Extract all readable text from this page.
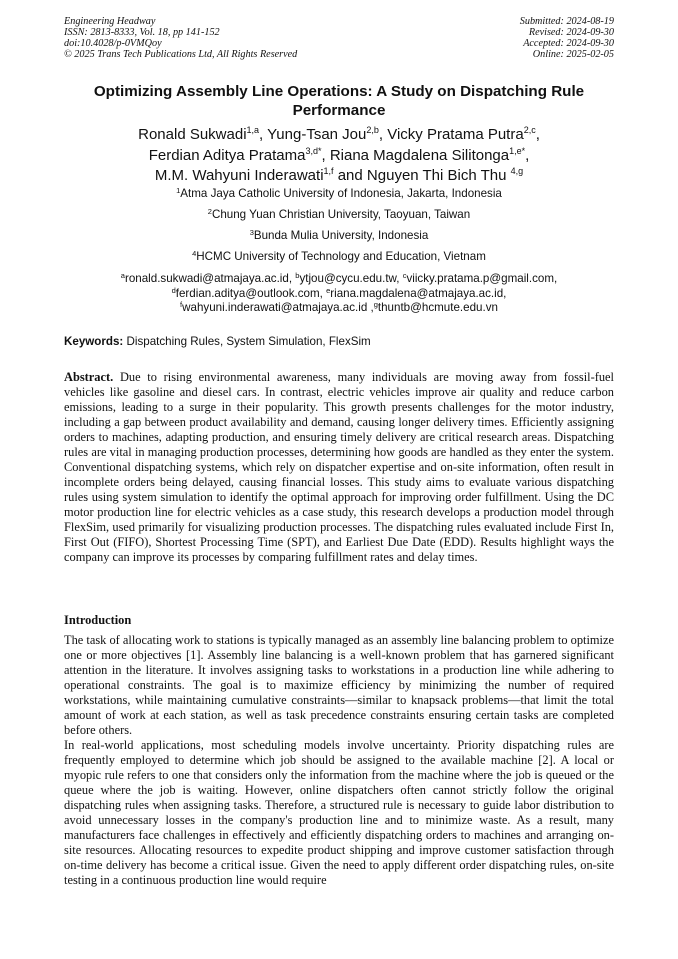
Engineering Headway
ISSN: 2813-8333, Vol. 18, pp 141-152
doi:10.4028/p-0VMQoy
© 2025 Trans Tech Publications Ltd, All Rights Reserved
Submitted: 2024-08-19
Revised: 2024-09-30
Accepted: 2024-09-30
Online: 2025-02-05
Optimizing Assembly Line Operations: A Study on Dispatching Rule Performance
Ronald Sukwadi$^{1,a}$, Yung-Tsan Jou$^{2,b}$, Vicky Pratama Putra$^{2,c}$,
Ferdian Aditya Pratama$^{3,d*}$, Riana Magdalena Silitonga$^{1,e*}$,
M.M. Wahyuni Inderawati$^{1,f}$ and Nguyen Thi Bich Thu $^{4,g}$
$^1$Atma Jaya Catholic University of Indonesia, Jakarta, Indonesia
$^2$Chung Yuan Christian University, Taoyuan, Taiwan
$^3$Bunda Mulia University, Indonesia
$^4$HCMC University of Technology and Education, Vietnam
$^a$ronald.sukwadi@atmajaya.ac.id, $^b$ytjou@cycu.edu.tw, $^c$viicky.pratama.p@gmail.com,
$^d$ferdian.aditya@outlook.com, $^e$riana.magdalena@atmajaya.ac.id,
$^f$wahyuni.inderawati@atmajaya.ac.id ,$^g$thuntb@hcmute.edu.vn
Keywords: Dispatching Rules, System Simulation, FlexSim
Abstract. Due to rising environmental awareness, many individuals are moving away from fossil-fuel vehicles like gasoline and diesel cars. In contrast, electric vehicles improve air quality and reduce carbon emissions, leading to a surge in their popularity. This growth presents challenges for the motor industry, including a gap between product availability and demand, causing longer delivery times. Efficiently assigning orders to machines, adapting production, and ensuring timely delivery are critical research areas. Dispatching rules are vital in managing production processes, determining how goods are handled as they enter the system. Conventional dispatching systems, which rely on dispatcher expertise and on-site information, often result in incomplete orders being delayed, causing financial losses. This study aims to evaluate various dispatching rules using system simulation to identify the optimal approach for improving order fulfillment. Using the DC motor production line for electric vehicles as a case study, this research develops a production model through FlexSim, used primarily for visualizing production processes. The dispatching rules evaluated include First In, First Out (FIFO), Shortest Processing Time (SPT), and Earliest Due Date (EDD). Results highlight ways the company can improve its processes by comparing fulfillment rates and delay times.
Introduction

The task of allocating work to stations is typically managed as an assembly line balancing problem to optimize one or more objectives [1]. Assembly line balancing is a well-known problem that has garnered significant attention in the literature. It involves assigning tasks to workstations in a production line while adhering to operational constraints. The goal is to maximize efficiency by minimizing the number of required workstations, while maintaining cumulative constraints—similar to knapsack problems—that limit the total amount of work at each station, as well as task precedence constraints ensuring certain tasks are completed before others.

In real-world applications, most scheduling models involve uncertainty. Priority dispatching rules are frequently employed to determine which job should be assigned to the available machine [2]. A local or myopic rule refers to one that considers only the information from the machine where the job is queued or the queue where the job is waiting. However, online dispatchers often cannot strictly follow the original dispatching rules when assigning tasks. Therefore, a structured rule is necessary to guide labor distribution to avoid unnecessary losses in the company's production line and to minimize waste. As a result, many manufacturers face challenges in effectively and efficiently dispatching orders to machines and arranging on-site resources. Allocating resources to expedite product shipping and improve customer satisfaction through on-time delivery has become a critical issue. Given the need to apply different order dispatching rules, on-site testing in a continuous production line would require
